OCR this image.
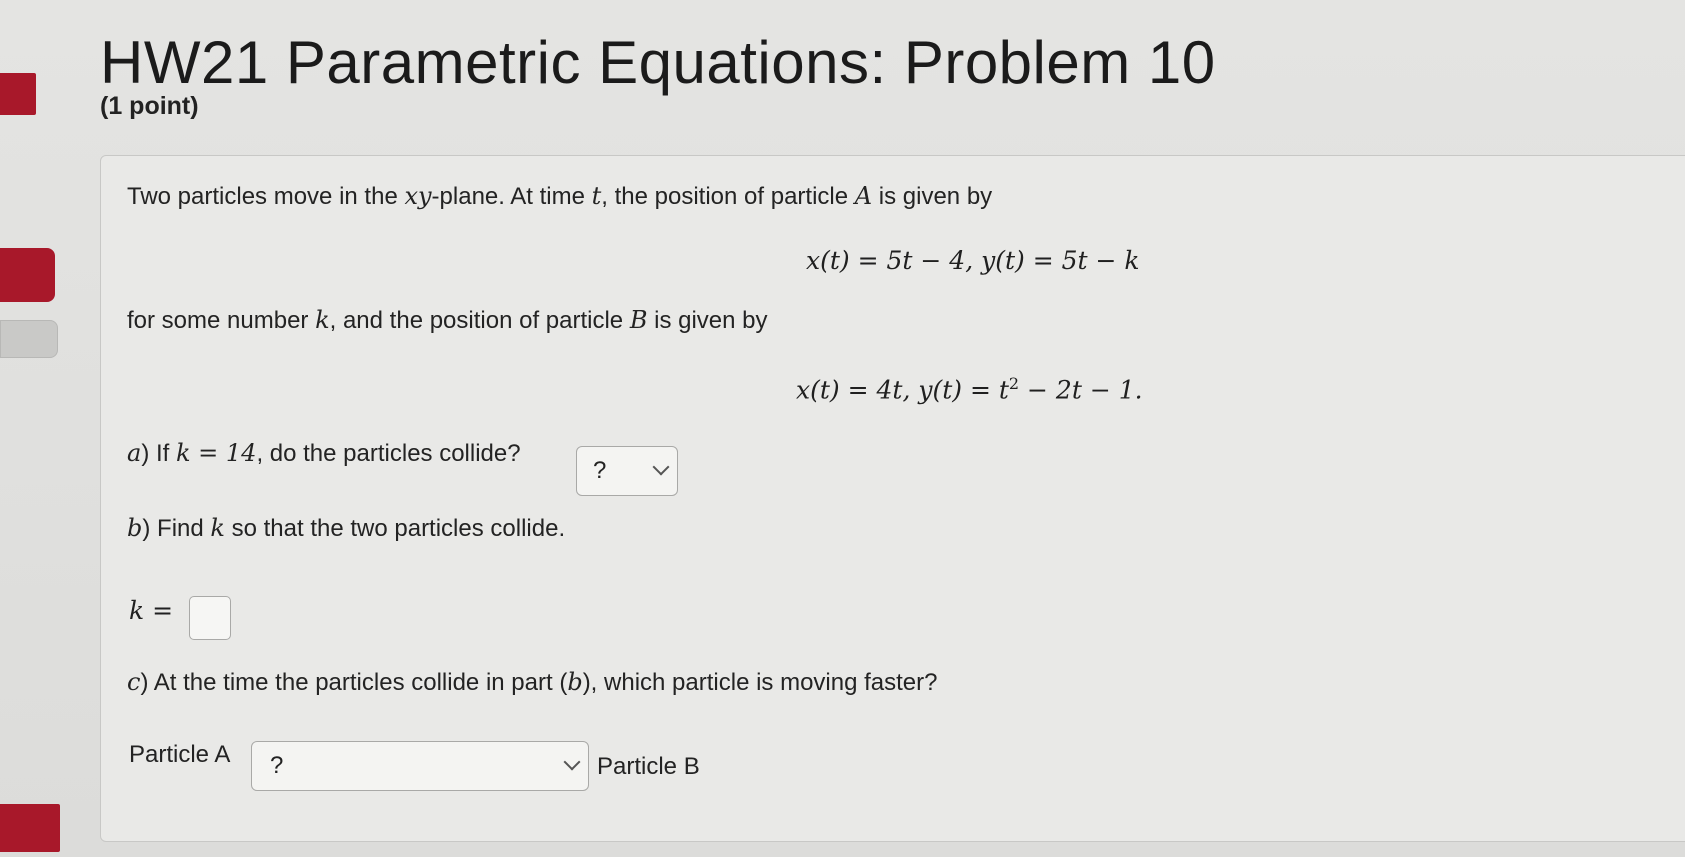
HW21 Parametric Equations: Problem 10
(1 point)
Two particles move in the xy-plane. At time t, the position of particle A is given by
x(t) = 5t − 4, y(t) = 5t − k
for some number k, and the position of particle B is given by
x(t) = 4t, $y(t) = t^2 - 2t - 1$.
a) If k = 14, do the particles collide?
?
b) Find k so that the two particles collide.
k =
c) At the time the particles collide in part (b), which particle is moving faster?
Particle A ?	Particle B
